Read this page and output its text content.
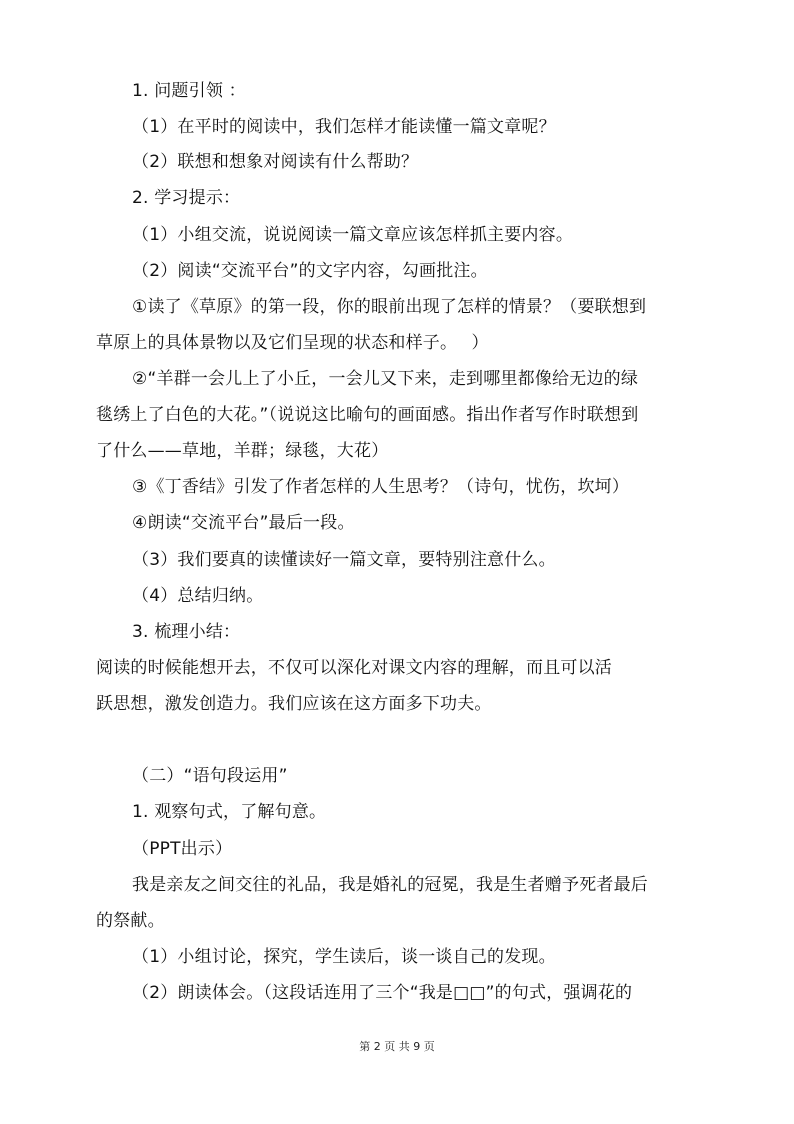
1. 问题引领 ：
（1）在平时的阅读中，我们怎样才能读懂一篇文章呢？
（2）联想和想象对阅读有什么帮助？
2. 学习提示：
（1）小组交流，说说阅读一篇文章应该怎样抓主要内容。
（2）阅读“交流平台”的文字内容，勾画批注。
①读了《草原》的第一段，你的眼前出现了怎样的情景？（要联想到
草原上的具体景物以及它们呈现的状态和样子。　 ）
②“羊群一会儿上了小丘，一会儿又下来，走到哪里都像给无边的绿
毯绣上了白色的大花。”（说说这比喻句的画面感。指出作者写作时联想到
了什么——草地，羊群；绿毯，大花）
③《丁香结》引发了作者怎样的人生思考？（诗句，忧伤，坎坷）
④朗读“交流平台”最后一段。
（3）我们要真的读懂读好一篇文章，要特别注意什么。
（4）总结归纳。
3. 梳理小结：
阅读的时候能想开去，不仅可以深化对课文内容的理解，而且可以活
跃思想，激发创造力。我们应该在这方面多下功夫。
（二）“语句段运用”
1. 观察句式，了解句意。
（PPT出示）
我是亲友之间交往的礼品，我是婚礼的冠冕，我是生者赠予死者最后
的祭献。
（1）小组讨论，探究，学生读后，谈一谈自己的发现。
（2）朗读体会。（这段话连用了三个“我是□□”的句式，强调花的
第 2 页 共 9 页
